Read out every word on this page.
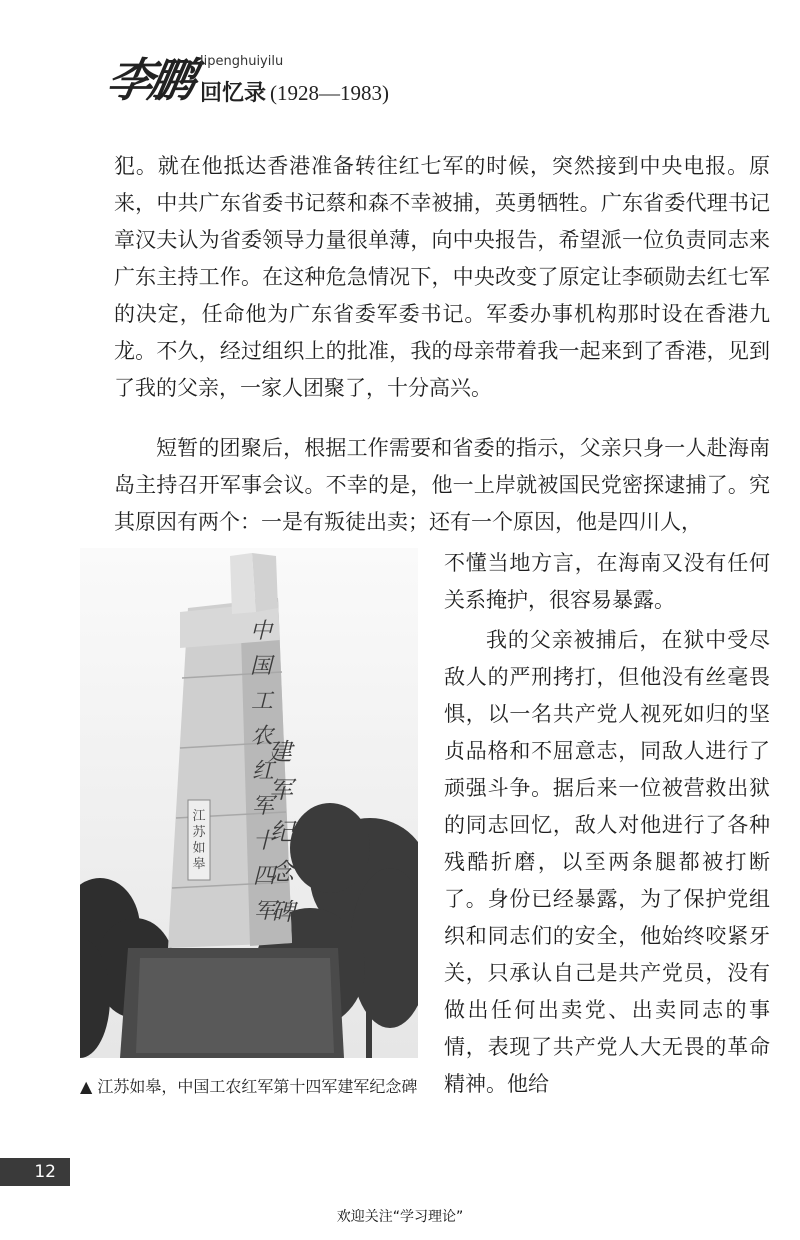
李鹏 lipenghuiyilu
回忆录 (1928—1983)

犯。就在他抵达香港准备转往红七军的时候，突然接到中央电报。原来，中共广东省委书记蔡和森不幸被捕，英勇牺牲。广东省委代理书记章汉夫认为省委领导力量很单薄，向中央报告，希望派一位负责同志来广东主持工作。在这种危急情况下，中央改变了原定让李硕勋去红七军的决定，任命他为广东省委军委书记。军委办事机构那时设在香港九龙。不久，经过组织上的批准，我的母亲带着我一起来到了香港，见到了我的父亲，一家人团聚了，十分高兴。

短暂的团聚后，根据工作需要和省委的指示，父亲只身一人赴海南岛主持召开军事会议。不幸的是，他一上岸就被国民党密探逮捕了。究其原因有两个：一是有叛徒出卖；还有一个原因，他是四川人，

中
国
工
农
红
军
十
四
军
建
军
纪
念
碑
江
苏
如
皋

不懂当地方言，在海南又没有任何关系掩护，很容易暴露。

我的父亲被捕后，在狱中受尽敌人的严刑拷打，但他没有丝毫畏惧，以一名共产党人视死如归的坚贞品格和不屈意志，同敌人进行了顽强斗争。据后来一位被营救出狱的同志回忆，敌人对他进行了各种残酷折磨，以至两条腿都被打断了。身份已经暴露，为了保护党组织和同志们的安全，他始终咬紧牙关，只承认自己是共产党员，没有做出任何出卖党、出卖同志的事情，表现了共产党人大无畏的革命精神。他给

▲ 江苏如皋，中国工农红军第十四军建军纪念碑
12
欢迎关注“学习理论”
